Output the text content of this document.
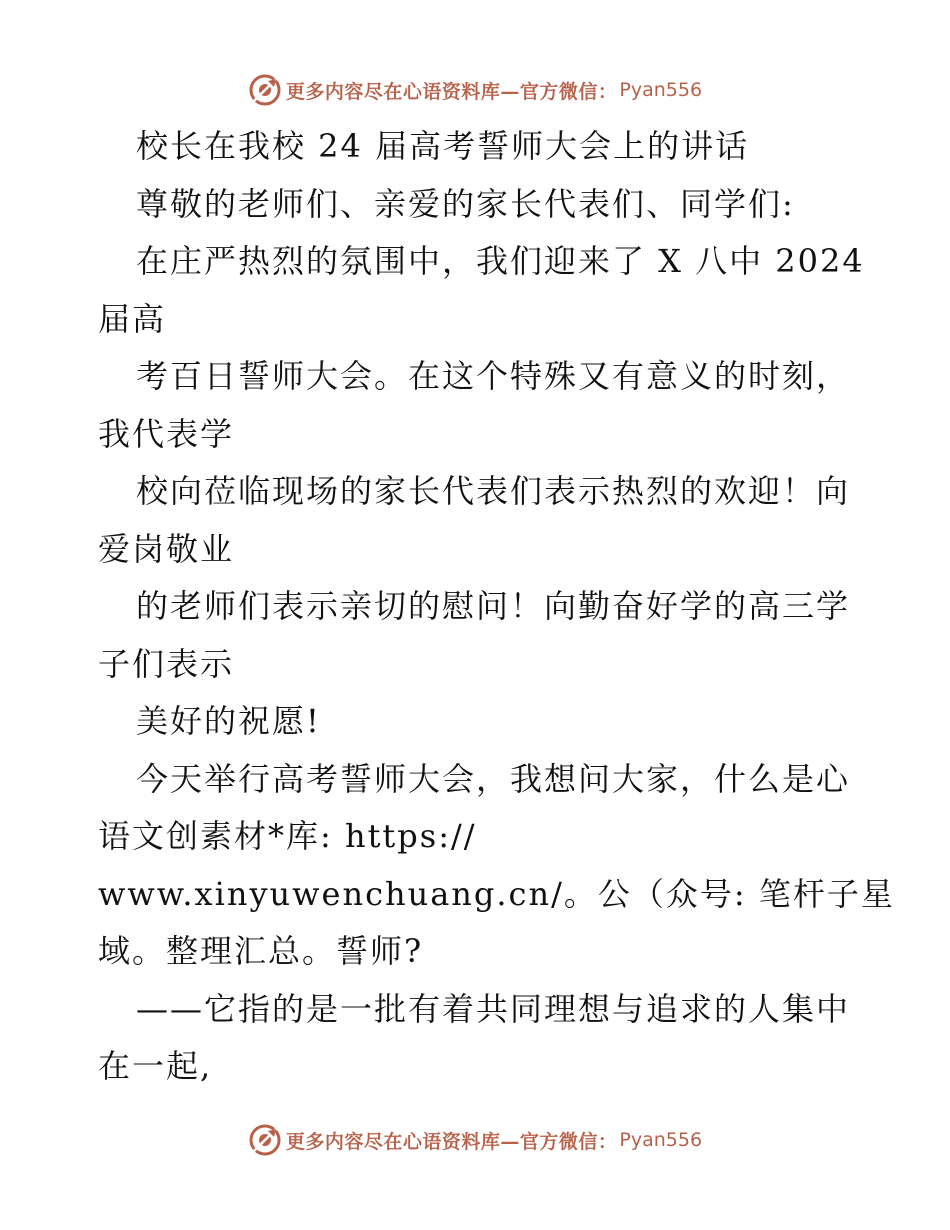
更多内容尽在心语资料库—官方微信： Pyan556
校长在我校 24 届高考誓师大会上的讲话
尊敬的老师们、亲爱的家长代表们、同学们:
在庄严热烈的氛围中，我们迎来了 X 八中 2024
届高
考百日誓师大会。在这个特殊又有意义的时刻，
我代表学
校向莅临现场的家长代表们表示热烈的欢迎！向
爱岗敬业
的老师们表示亲切的慰问！向勤奋好学的高三学
子们表示
美好的祝愿!
今天举行高考誓师大会，我想问大家，什么是心
语文创素材*库: https://
www.xinyuwenchuang.cn/。公（众号: 笔杆子星
域。整理汇总。誓师?
——它指的是一批有着共同理想与追求的人集中
在一起,
更多内容尽在心语资料库—官方微信： Pyan556
